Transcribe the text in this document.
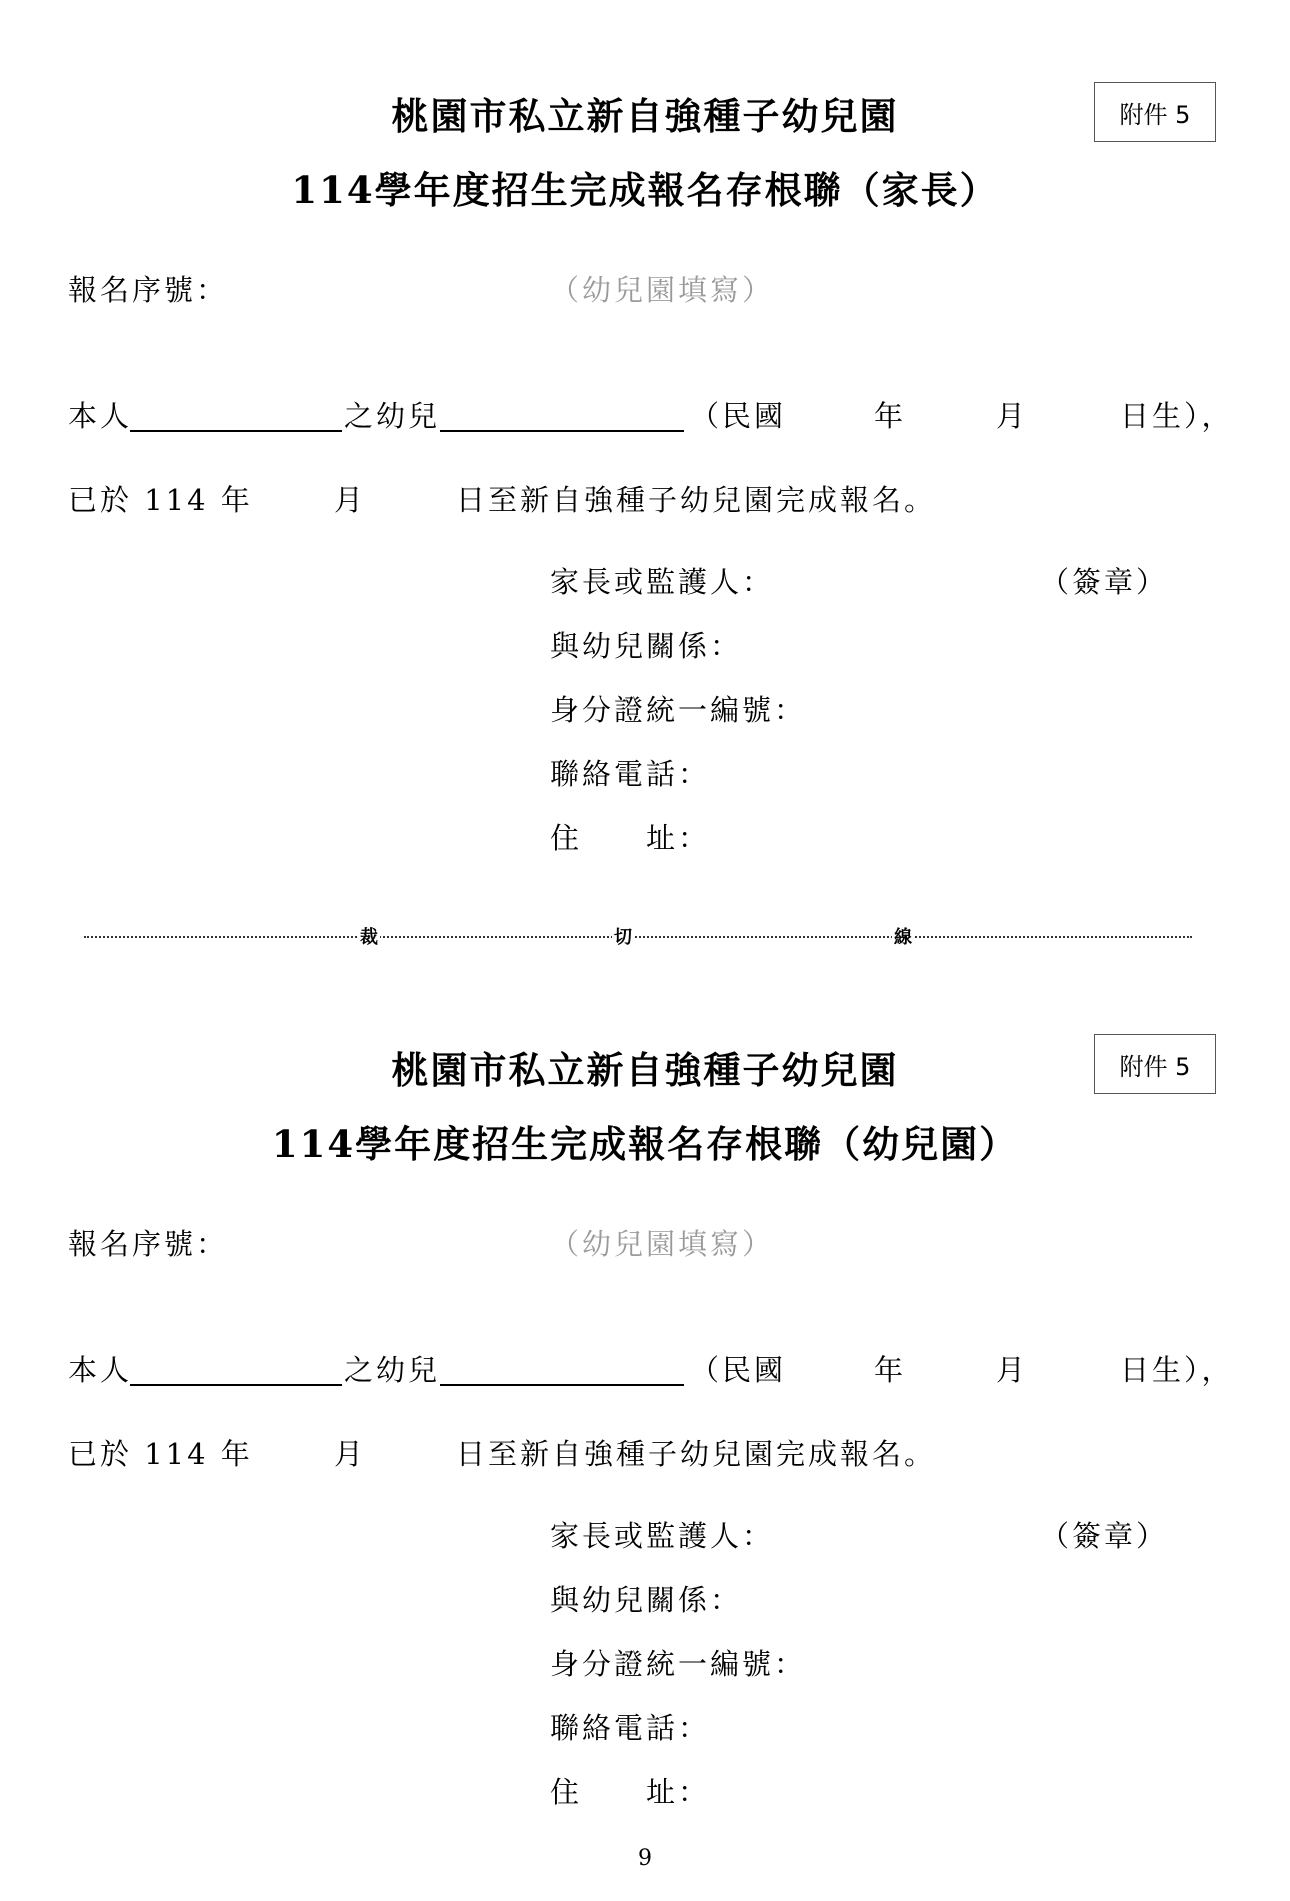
桃園市私立新自強種子幼兒園	附件 5
114學年度招生完成報名存根聯（家長）
報名序號：	（幼兒園填寫）
本人	之幼兒	（民國	年	月	日生），
已於 114 年	月	日至新自強種子幼兒園完成報名。
家長或監護人：	（簽章）
與幼兒關係：
身分證統一編號：
聯絡電話：
住　　址：
裁	切	線
桃園市私立新自強種子幼兒園	附件 5
114學年度招生完成報名存根聯（幼兒園）
報名序號：	（幼兒園填寫）
本人	之幼兒	（民國	年	月	日生），
已於 114 年	月	日至新自強種子幼兒園完成報名。
家長或監護人：	（簽章）
與幼兒關係：
身分證統一編號：
聯絡電話：
住　　址：
9
